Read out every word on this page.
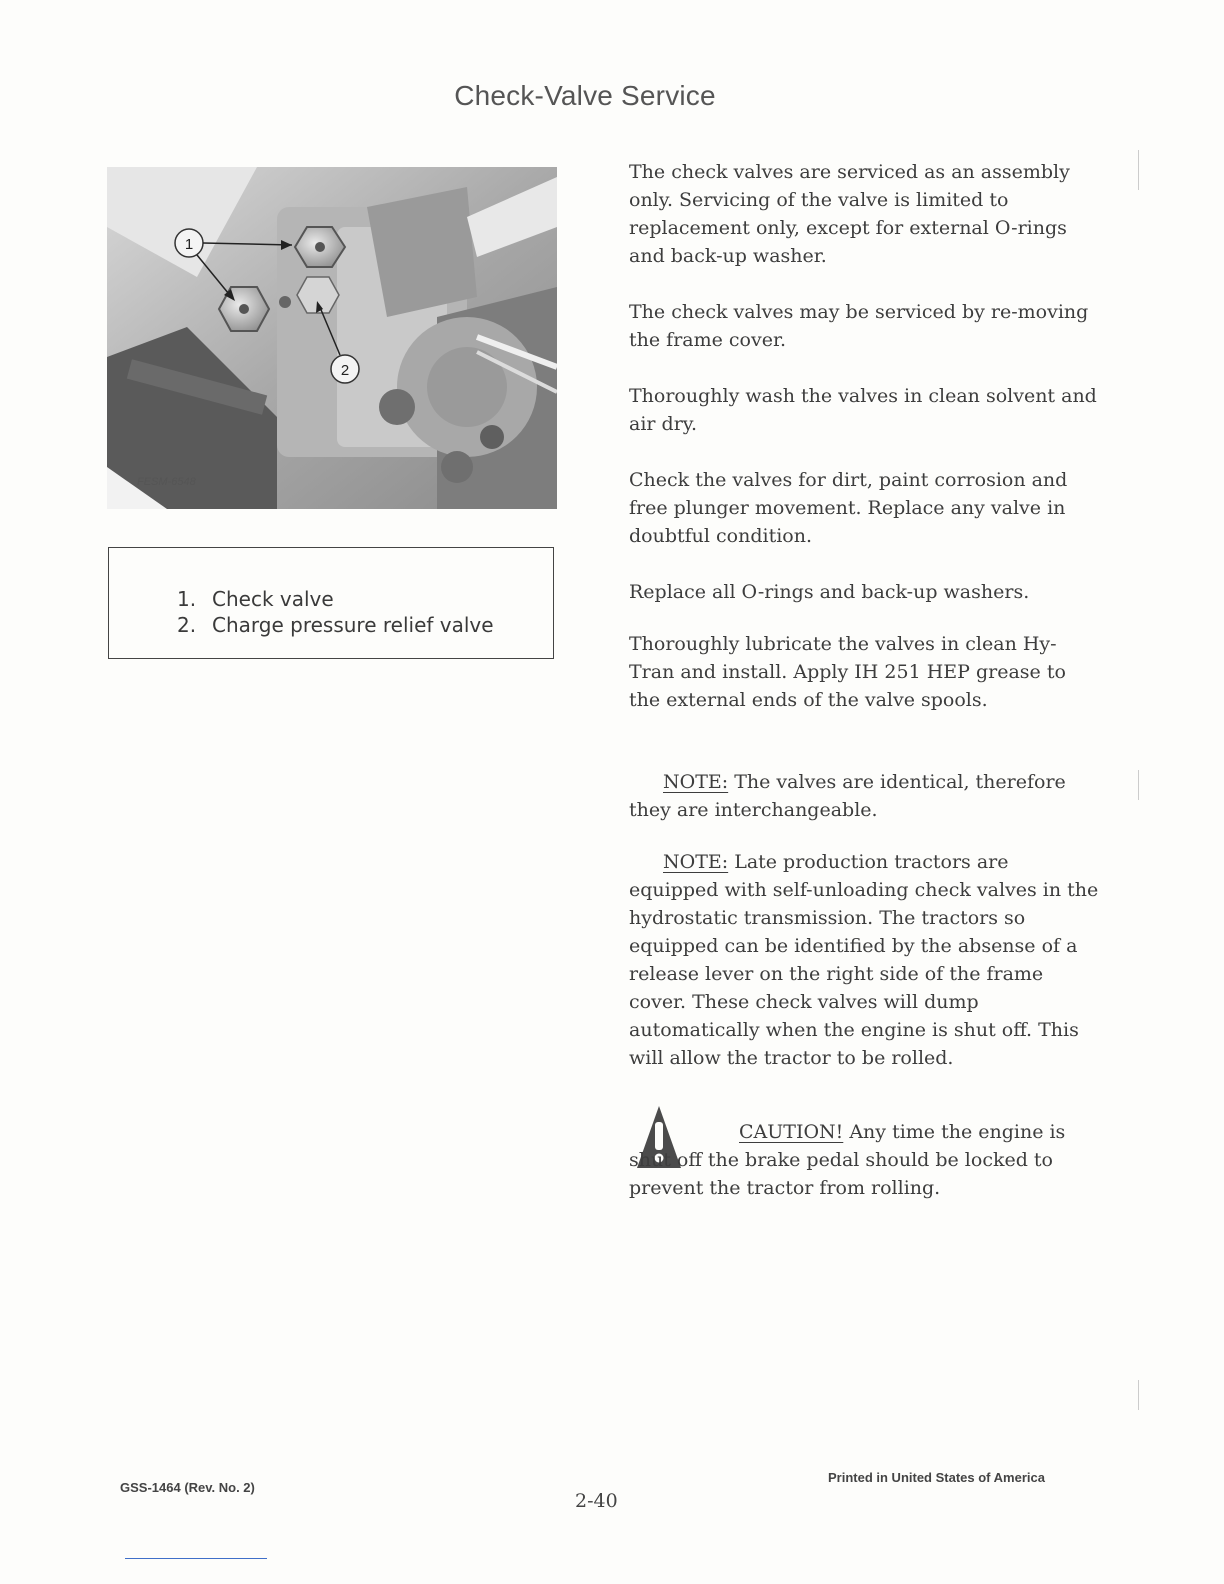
Check-Valve Service
1
2
FESM-6548
1. Check valve
2. Charge pressure relief valve

The check valves are serviced as an assembly only. Servicing of the valve is limited to replacement only, except for external O-rings and back-up washer.

The check valves may be serviced by re-moving the frame cover.

Thoroughly wash the valves in clean solvent and air dry.

Check the valves for dirt, paint corrosion and free plunger movement. Replace any valve in doubtful condition.

Replace all O-rings and back-up washers.

Thoroughly lubricate the valves in clean Hy-Tran and install. Apply IH 251 HEP grease to the external ends of the valve spools.

NOTE: The valves are identical, therefore they are interchangeable.

NOTE: Late production tractors are equipped with self-unloading check valves in the hydrostatic transmission. The tractors so equipped can be identified by the absense of a release lever on the right side of the frame cover. These check valves will dump automatically when the engine is shut off. This will allow the tractor to be rolled.

CAUTION! Any time the engine is shut off the brake pedal should be locked to prevent the tractor from rolling.

GSS-1464 (Rev. No. 2)
2-40
Printed in United States of America
